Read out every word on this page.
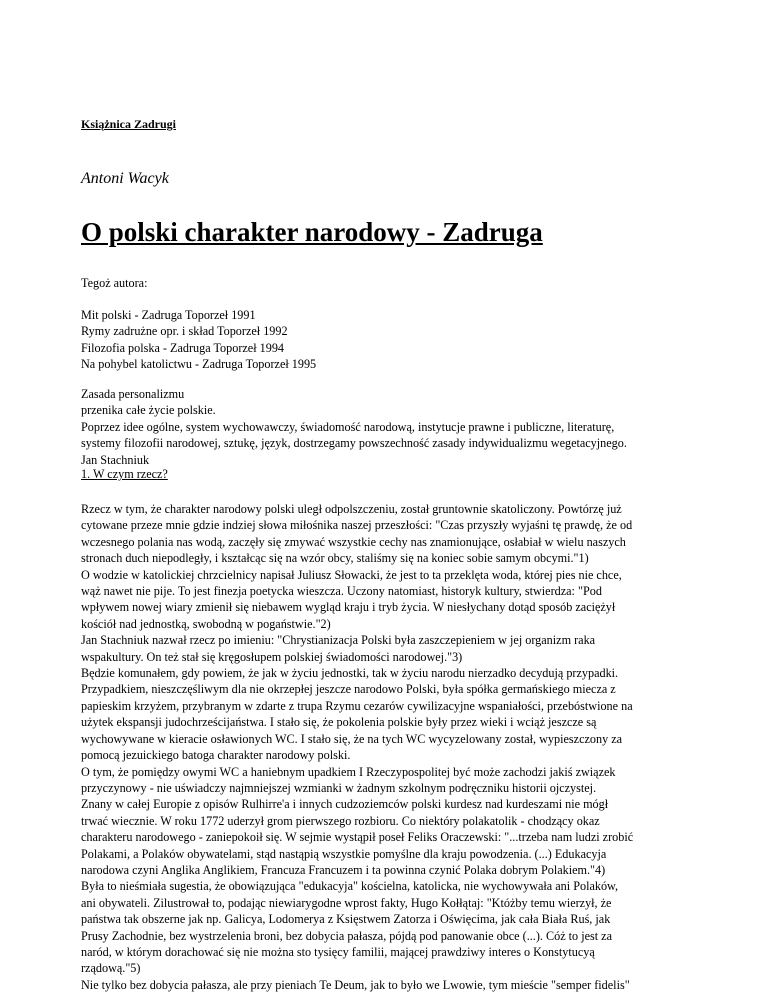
Książnica Zadrugi
Antoni Wacyk
O polski charakter narodowy - Zadruga
Tegoż autora:

Mit polski - Zadruga Toporzeł 1991

Rymy zadrużne opr. i skład Toporzeł 1992

Filozofia polska - Zadruga Toporzeł 1994

Na pohybel katolictwu - Zadruga Toporzeł 1995

Zasada personalizmu

przenika całe życie polskie.

Poprzez idee ogólne, system wychowawczy, świadomość narodową, instytucje prawne i publiczne, literaturę,

systemy filozofii narodowej, sztukę, język, dostrzegamy powszechność zasady indywidualizmu wegetacyjnego.

Jan Stachniuk

1. W czym rzecz?

Rzecz w tym, że charakter narodowy polski uległ odpolszczeniu, został gruntownie skatoliczony. Powtórzę już

cytowane przeze mnie gdzie indziej słowa miłośnika naszej przeszłości: "Czas przyszły wyjaśni tę prawdę, że od

wczesnego polania nas wodą, zaczęły się zmywać wszystkie cechy nas znamionujące, osłabiał w wielu naszych

stronach duch niepodległy, i kształcąc się na wzór obcy, staliśmy się na koniec sobie samym obcymi."1)

O wodzie w katolickiej chrzcielnicy napisał Juliusz Słowacki, że jest to ta przeklęta woda, której pies nie chce,

wąż nawet nie pije. To jest finezja poetycka wieszcza. Uczony natomiast, historyk kultury, stwierdza: "Pod

wpływem nowej wiary zmienił się niebawem wygląd kraju i tryb życia. W niesłychany dotąd sposób zaciężył

kościół nad jednostką, swobodną w pogaństwie."2)

Jan Stachniuk nazwał rzecz po imieniu: "Chrystianizacja Polski była zaszczepieniem w jej organizm raka

wspakultury. On też stał się kręgosłupem polskiej świadomości narodowej."3)

Będzie komunałem, gdy powiem, że jak w życiu jednostki, tak w życiu narodu nierzadko decydują przypadki.

Przypadkiem, nieszczęśliwym dla nie okrzepłej jeszcze narodowo Polski, była spółka germańskiego miecza z

papieskim krzyżem, przybranym w zdarte z trupa Rzymu cezarów cywilizacyjne wspaniałości, przebóstwione na

użytek ekspansji judochrześcijaństwa. I stało się, że pokolenia polskie były przez wieki i wciąż jeszcze są

wychowywane w kieracie osławionych WC. I stało się, że na tych WC wycyzelowany został, wypieszczony za

pomocą jezuickiego batoga charakter narodowy polski.

O tym, że pomiędzy owymi WC a haniebnym upadkiem I Rzeczypospolitej być może zachodzi jakiś związek

przyczynowy - nie uświadczy najmniejszej wzmianki w żadnym szkolnym podręczniku historii ojczystej.

Znany w całej Europie z opisów Rulhirre'a i innych cudzoziemców polski kurdesz nad kurdeszami nie mógł

trwać wiecznie. W roku 1772 uderzył grom pierwszego rozbioru. Co niektóry polakatolik - chodzący okaz

charakteru narodowego - zaniepokoił się. W sejmie wystąpił poseł Feliks Oraczewski: "...trzeba nam ludzi zrobić

Polakami, a Polaków obywatelami, stąd nastąpią wszystkie pomyślne dla kraju powodzenia. (...) Edukacyja

narodowa czyni Anglika Anglikiem, Francuza Francuzem i ta powinna czynić Polaka dobrym Polakiem."4)

Była to nieśmiała sugestia, że obowiązująca "edukacyja" kościelna, katolicka, nie wychowywała ani Polaków,

ani obywateli. Zilustrował to, podając niewiarygodne wprost fakty, Hugo Kołłątaj: "Któżby temu wierzył, że

państwa tak obszerne jak np. Galicya, Lodomerya z Księstwem Zatorza i Oświęcima, jak cała Biała Ruś, jak

Prusy Zachodnie, bez wystrzelenia broni, bez dobycia pałasza, pójdą pod panowanie obce (...). Cóż to jest za

naród, w którym dorachować się nie można sto tysięcy familii, mającej prawdziwy interes o Konstytucyą

rządową."5)

Nie tylko bez dobycia pałasza, ale przy pieniach Te Deum, jak to było we Lwowie, tym mieście "semper fidelis"
